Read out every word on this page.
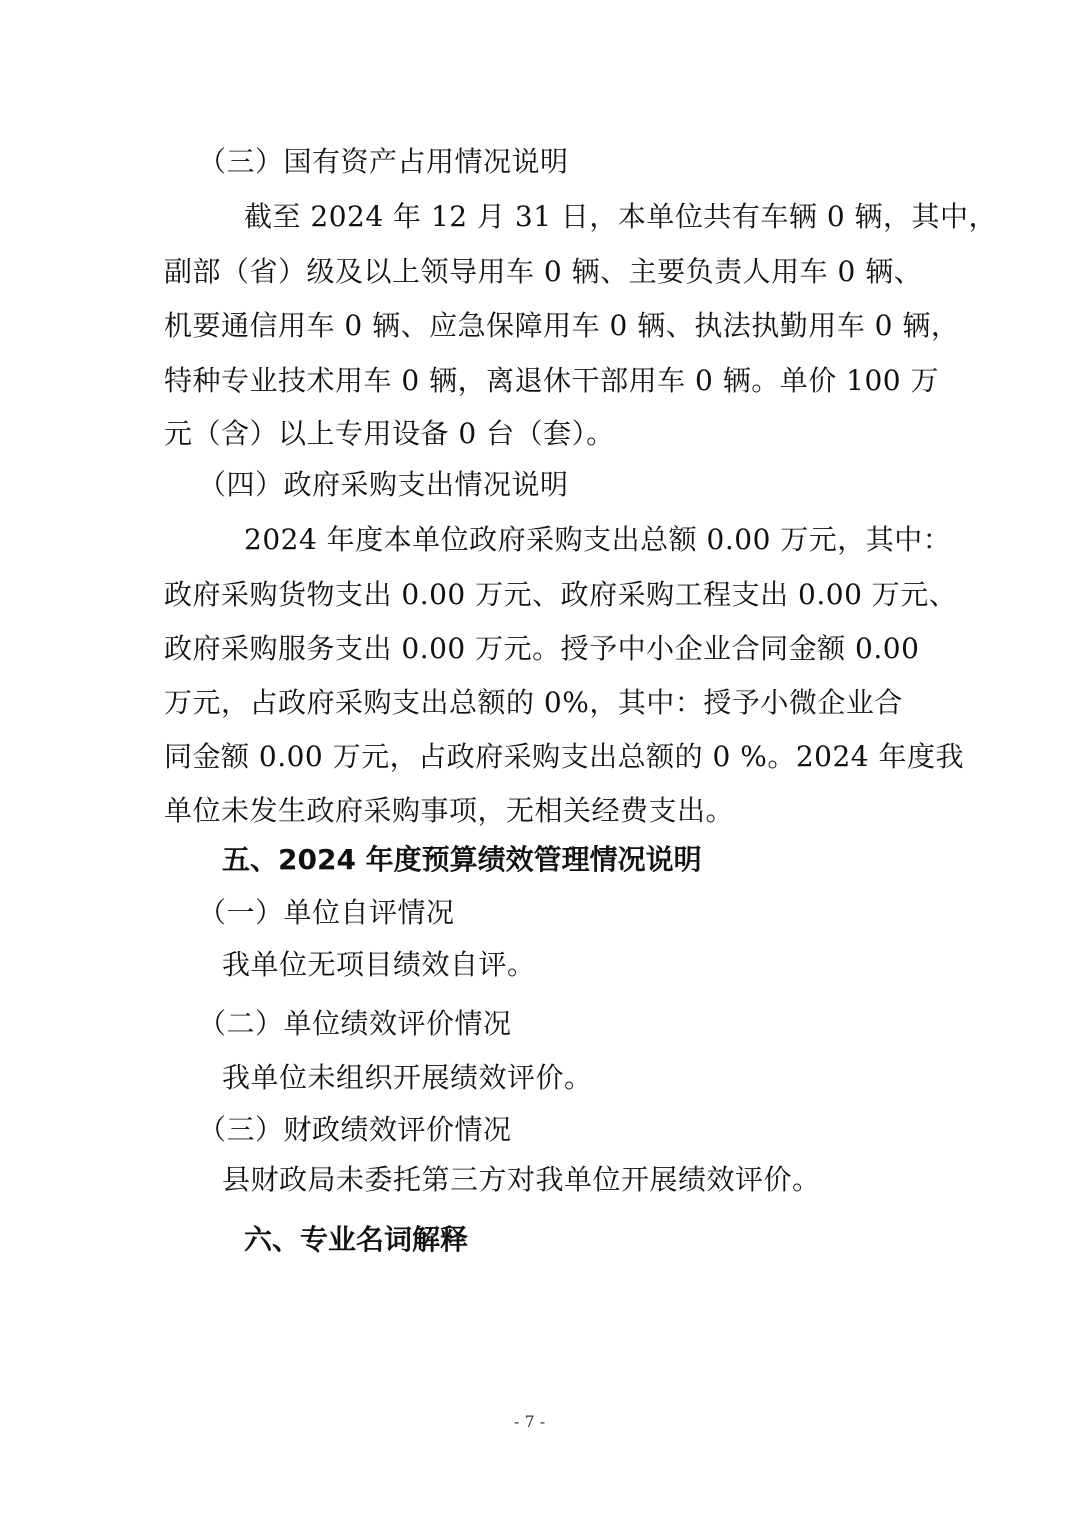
（三）国有资产占用情况说明
截至 2024 年 12 月 31 日，本单位共有车辆 0 辆，其中，
副部（省）级及以上领导用车 0 辆、主要负责人用车 0 辆、
机要通信用车 0 辆、应急保障用车 0 辆、执法执勤用车 0 辆，
特种专业技术用车 0 辆，离退休干部用车 0 辆。单价 100 万
元（含）以上专用设备 0 台（套）。
（四）政府采购支出情况说明
2024 年度本单位政府采购支出总额 0.00 万元，其中：
政府采购货物支出 0.00 万元、政府采购工程支出 0.00 万元、
政府采购服务支出 0.00 万元。授予中小企业合同金额 0.00
万元，占政府采购支出总额的 0%，其中：授予小微企业合
同金额 0.00 万元，占政府采购支出总额的 0 %。2024 年度我
单位未发生政府采购事项，无相关经费支出。
五、2024 年度预算绩效管理情况说明
（一）单位自评情况
我单位无项目绩效自评。
（二）单位绩效评价情况
我单位未组织开展绩效评价。
（三）财政绩效评价情况
县财政局未委托第三方对我单位开展绩效评价。
六、专业名词解释
- 7 -
